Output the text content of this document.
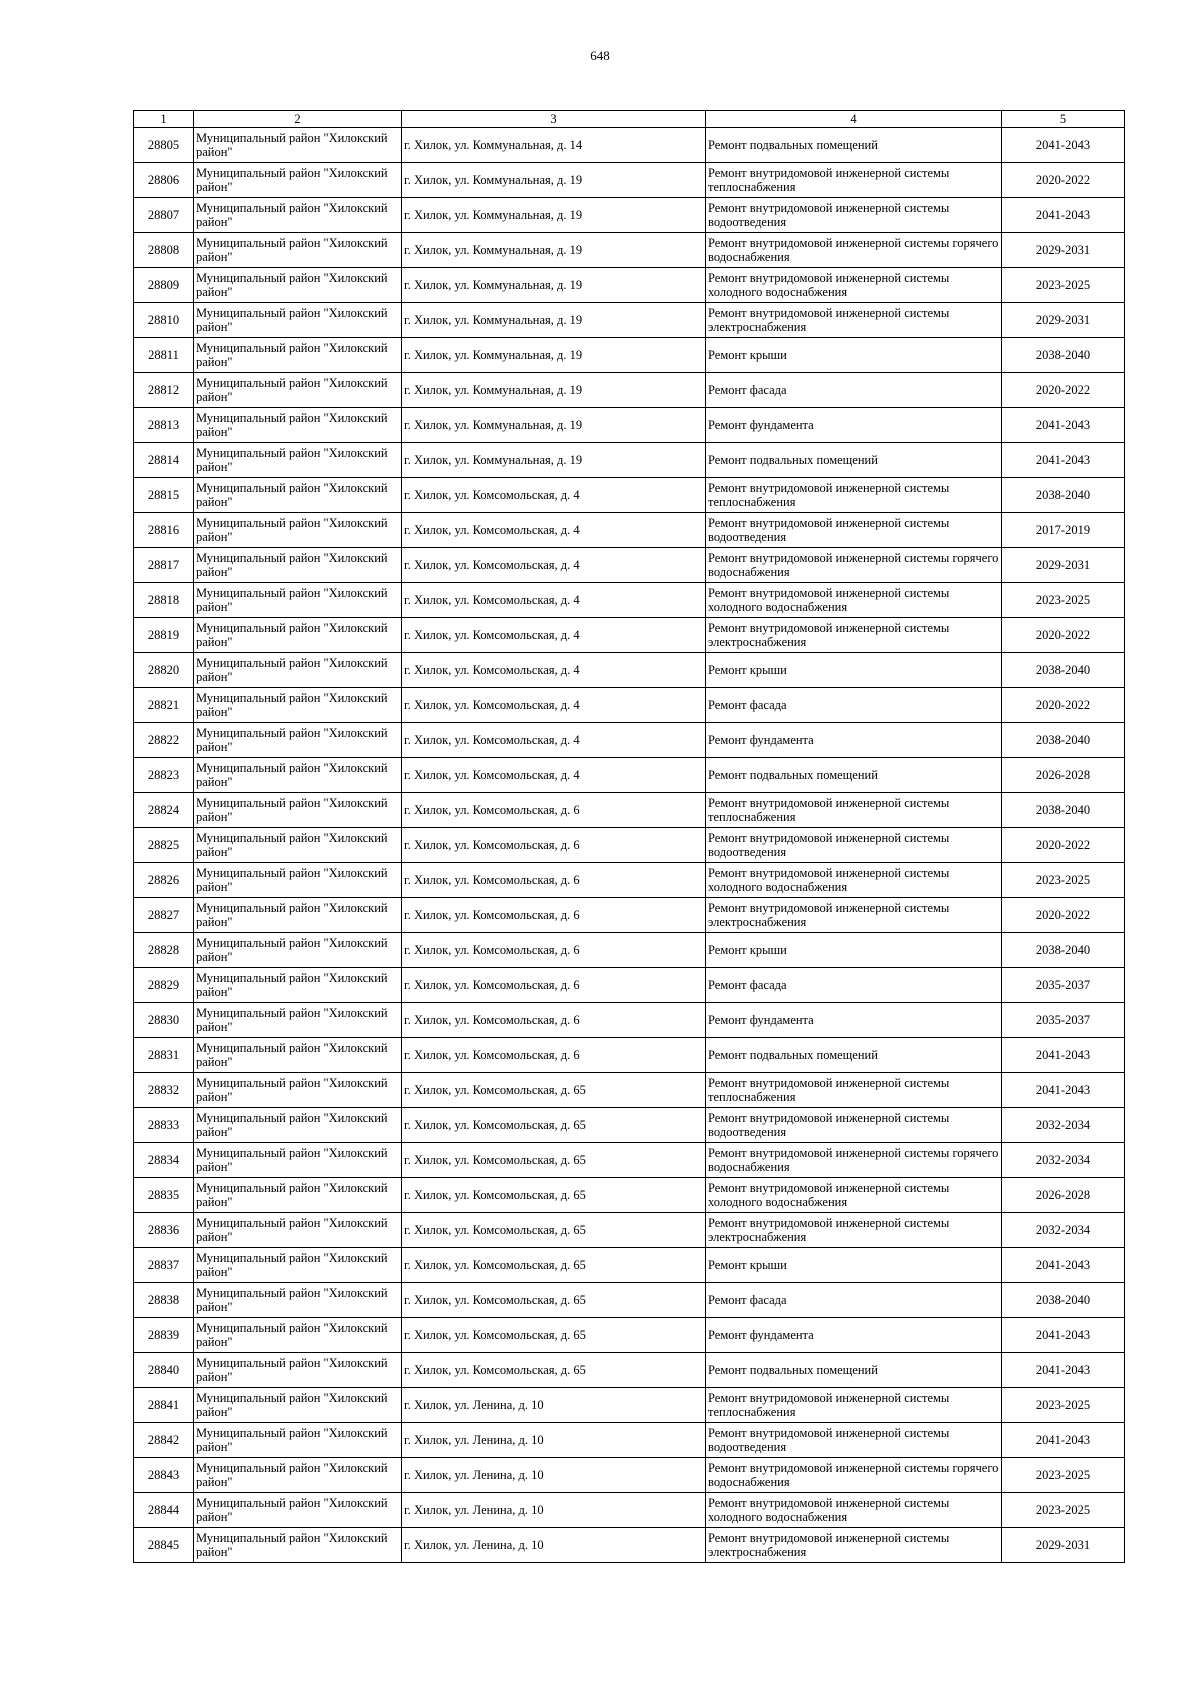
648
1	2	3	4	5
28805	Муниципальный район "Хилокский район"	г. Хилок, ул. Коммунальная, д. 14	Ремонт подвальных помещений	2041-2043
28806	Муниципальный район "Хилокский район"	г. Хилок, ул. Коммунальная, д. 19	Ремонт внутридомовой инженерной системы теплоснабжения	2020-2022
28807	Муниципальный район "Хилокский район"	г. Хилок, ул. Коммунальная, д. 19	Ремонт внутридомовой инженерной системы водоотведения	2041-2043
28808	Муниципальный район "Хилокский район"	г. Хилок, ул. Коммунальная, д. 19	Ремонт внутридомовой инженерной системы горячего водоснабжения	2029-2031
28809	Муниципальный район "Хилокский район"	г. Хилок, ул. Коммунальная, д. 19	Ремонт внутридомовой инженерной системы холодного водоснабжения	2023-2025
28810	Муниципальный район "Хилокский район"	г. Хилок, ул. Коммунальная, д. 19	Ремонт внутридомовой инженерной системы электроснабжения	2029-2031
28811	Муниципальный район "Хилокский район"	г. Хилок, ул. Коммунальная, д. 19	Ремонт крыши	2038-2040
28812	Муниципальный район "Хилокский район"	г. Хилок, ул. Коммунальная, д. 19	Ремонт фасада	2020-2022
28813	Муниципальный район "Хилокский район"	г. Хилок, ул. Коммунальная, д. 19	Ремонт фундамента	2041-2043
28814	Муниципальный район "Хилокский район"	г. Хилок, ул. Коммунальная, д. 19	Ремонт подвальных помещений	2041-2043
28815	Муниципальный район "Хилокский район"	г. Хилок, ул. Комсомольская, д. 4	Ремонт внутридомовой инженерной системы теплоснабжения	2038-2040
28816	Муниципальный район "Хилокский район"	г. Хилок, ул. Комсомольская, д. 4	Ремонт внутридомовой инженерной системы водоотведения	2017-2019
28817	Муниципальный район "Хилокский район"	г. Хилок, ул. Комсомольская, д. 4	Ремонт внутридомовой инженерной системы горячего водоснабжения	2029-2031
28818	Муниципальный район "Хилокский район"	г. Хилок, ул. Комсомольская, д. 4	Ремонт внутридомовой инженерной системы холодного водоснабжения	2023-2025
28819	Муниципальный район "Хилокский район"	г. Хилок, ул. Комсомольская, д. 4	Ремонт внутридомовой инженерной системы электроснабжения	2020-2022
28820	Муниципальный район "Хилокский район"	г. Хилок, ул. Комсомольская, д. 4	Ремонт крыши	2038-2040
28821	Муниципальный район "Хилокский район"	г. Хилок, ул. Комсомольская, д. 4	Ремонт фасада	2020-2022
28822	Муниципальный район "Хилокский район"	г. Хилок, ул. Комсомольская, д. 4	Ремонт фундамента	2038-2040
28823	Муниципальный район "Хилокский район"	г. Хилок, ул. Комсомольская, д. 4	Ремонт подвальных помещений	2026-2028
28824	Муниципальный район "Хилокский район"	г. Хилок, ул. Комсомольская, д. 6	Ремонт внутридомовой инженерной системы теплоснабжения	2038-2040
28825	Муниципальный район "Хилокский район"	г. Хилок, ул. Комсомольская, д. 6	Ремонт внутридомовой инженерной системы водоотведения	2020-2022
28826	Муниципальный район "Хилокский район"	г. Хилок, ул. Комсомольская, д. 6	Ремонт внутридомовой инженерной системы холодного водоснабжения	2023-2025
28827	Муниципальный район "Хилокский район"	г. Хилок, ул. Комсомольская, д. 6	Ремонт внутридомовой инженерной системы электроснабжения	2020-2022
28828	Муниципальный район "Хилокский район"	г. Хилок, ул. Комсомольская, д. 6	Ремонт крыши	2038-2040
28829	Муниципальный район "Хилокский район"	г. Хилок, ул. Комсомольская, д. 6	Ремонт фасада	2035-2037
28830	Муниципальный район "Хилокский район"	г. Хилок, ул. Комсомольская, д. 6	Ремонт фундамента	2035-2037
28831	Муниципальный район "Хилокский район"	г. Хилок, ул. Комсомольская, д. 6	Ремонт подвальных помещений	2041-2043
28832	Муниципальный район "Хилокский район"	г. Хилок, ул. Комсомольская, д. 65	Ремонт внутридомовой инженерной системы теплоснабжения	2041-2043
28833	Муниципальный район "Хилокский район"	г. Хилок, ул. Комсомольская, д. 65	Ремонт внутридомовой инженерной системы водоотведения	2032-2034
28834	Муниципальный район "Хилокский район"	г. Хилок, ул. Комсомольская, д. 65	Ремонт внутридомовой инженерной системы горячего водоснабжения	2032-2034
28835	Муниципальный район "Хилокский район"	г. Хилок, ул. Комсомольская, д. 65	Ремонт внутридомовой инженерной системы холодного водоснабжения	2026-2028
28836	Муниципальный район "Хилокский район"	г. Хилок, ул. Комсомольская, д. 65	Ремонт внутридомовой инженерной системы электроснабжения	2032-2034
28837	Муниципальный район "Хилокский район"	г. Хилок, ул. Комсомольская, д. 65	Ремонт крыши	2041-2043
28838	Муниципальный район "Хилокский район"	г. Хилок, ул. Комсомольская, д. 65	Ремонт фасада	2038-2040
28839	Муниципальный район "Хилокский район"	г. Хилок, ул. Комсомольская, д. 65	Ремонт фундамента	2041-2043
28840	Муниципальный район "Хилокский район"	г. Хилок, ул. Комсомольская, д. 65	Ремонт подвальных помещений	2041-2043
28841	Муниципальный район "Хилокский район"	г. Хилок, ул. Ленина, д. 10	Ремонт внутридомовой инженерной системы теплоснабжения	2023-2025
28842	Муниципальный район "Хилокский район"	г. Хилок, ул. Ленина, д. 10	Ремонт внутридомовой инженерной системы водоотведения	2041-2043
28843	Муниципальный район "Хилокский район"	г. Хилок, ул. Ленина, д. 10	Ремонт внутридомовой инженерной системы горячего водоснабжения	2023-2025
28844	Муниципальный район "Хилокский район"	г. Хилок, ул. Ленина, д. 10	Ремонт внутридомовой инженерной системы холодного водоснабжения	2023-2025
28845	Муниципальный район "Хилокский район"	г. Хилок, ул. Ленина, д. 10	Ремонт внутридомовой инженерной системы электроснабжения	2029-2031
